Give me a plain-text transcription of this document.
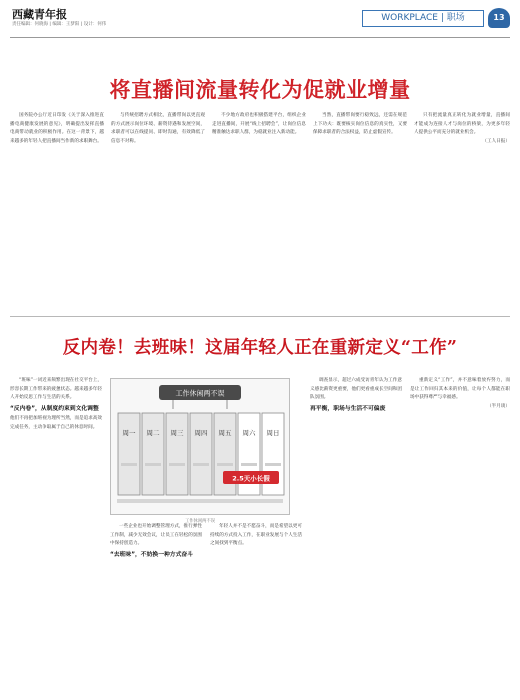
西藏青年报
责任编辑：何晓海 | 编辑：王梦阳 | 设计：何伟
WORKPLACE | 职场	13
将直播间流量转化为促就业增量
国务院办公厅近日印发《关于深入推进直播电商健康发展的意见》，明确提出发挥直播电商带动就业的积极作用。在这一背景下，越来越多的年轻人把直播间当作新的求职舞台。
与传统招聘方式相比，直播带岗以更直观的方式展示岗位环境、薪资待遇和发展空间，求职者可以在线提问、即时沟通，有效降低了信息不对称。
不少地方政府也积极搭建平台，组织企业走进直播间，开展“线上招聘会”，让岗位信息精准触达求职人群，为稳就业注入新动能。
当然，直播带岗要行稳致远，还需在规范上下功夫：既要核实岗位信息的真实性，又要保障求职者的合法权益，防止虚假宣传。
只有把流量真正转化为就业增量，直播间才能成为连接人才与岗位的桥梁，为更多年轻人提供公平而充分的就业机会。
（工人日报）
反内卷！去班味！这届年轻人正在重新定义“工作”
“班味”一词近来频繁出现在社交平台上，形容长期工作带来的疲惫状态。越来越多年轻人开始反思工作与生活的关系。
“反内卷”，从制度约束到文化调整
他们不再把加班视为理所当然，而是追求高效完成任务，主动争取属于自己的休息时间。
一些企业也开始调整管理方式，推行弹性工作制，减少无效会议，让员工在轻松的氛围中保持创造力。
“去班味”，不妨换一种方式奋斗
年轻人并不是不愿奋斗，而是希望以更可持续的方式投入工作，在职业发展与个人生活之间找到平衡点。
调查显示，超过六成受访青年认为工作意义感比薪资更重要，他们更看重成长空间和团队氛围。
再平衡，职场与生活不可偏废
重新定义“工作”，并不意味着放弃努力，而是让工作回归其本来的价值，让每个人都能在职场中获得尊严与幸福感。
（半月谈）
工作休闲两不误
周一 周二 周三 周四 周五 周六 周日
2.5天小长假
工作休闲两不误
